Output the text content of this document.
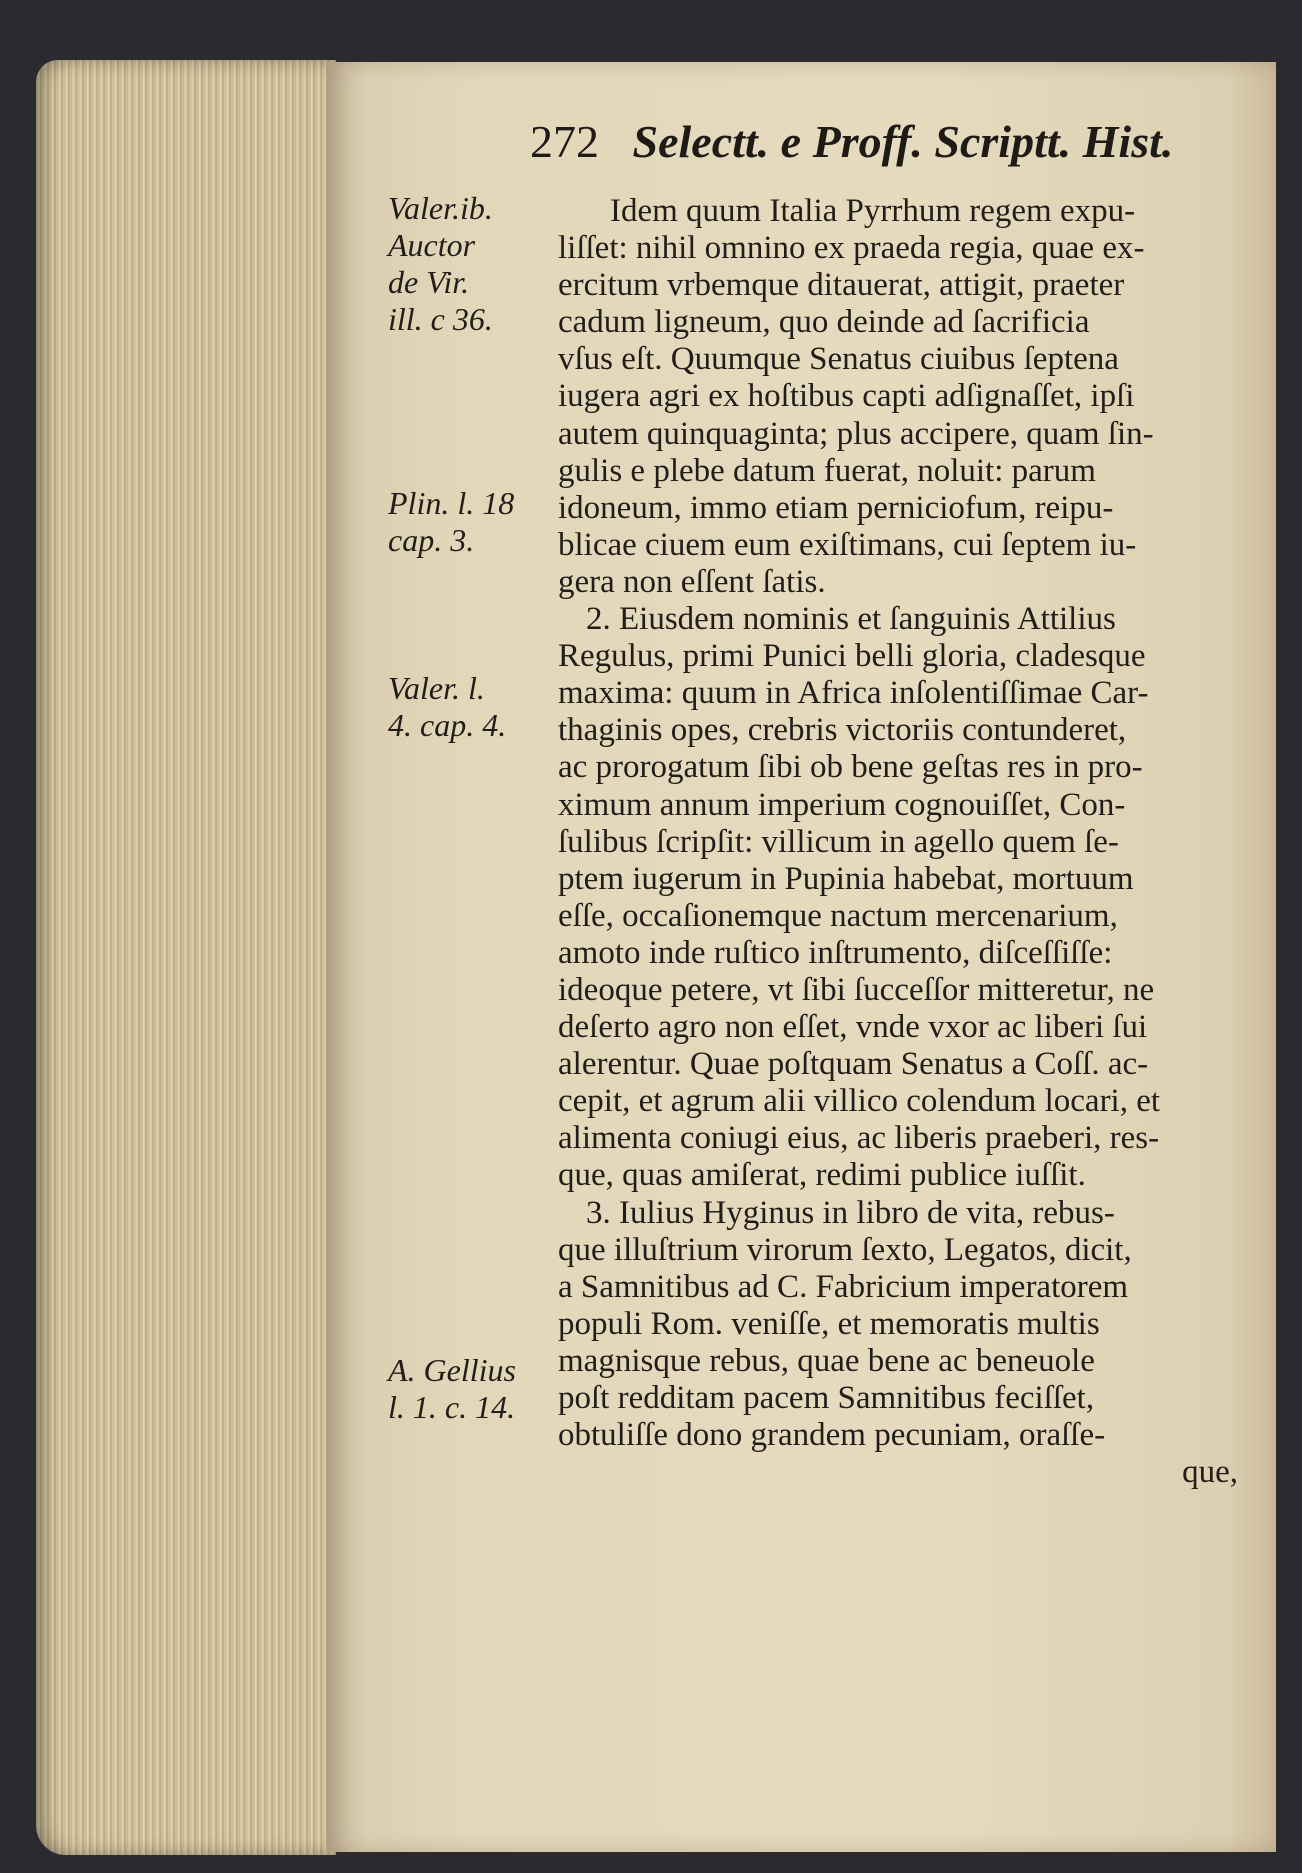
272 Selectt. e Proff. Scriptt. Hist.
Valer.ib.
Auctor
de Vir.
ill. c 36.
Plin. l. 18
cap. 3.
Valer. l.
4. cap. 4.
A. Gellius
l. 1. c. 14.
Idem quum Italia Pyrrhum regem expu-
liſſet: nihil omnino ex praeda regia, quae ex-
ercitum vrbemque ditauerat, attigit, praeter
cadum ligneum, quo deinde ad ſacrificia
vſus eſt. Quumque Senatus ciuibus ſeptena
iugera agri ex hoſtibus capti adſignaſſet, ipſi
autem quinquaginta; plus accipere, quam ſin-
gulis e plebe datum fuerat, noluit: parum
idoneum, immo etiam perniciofum, reipu-
blicae ciuem eum exiſtimans, cui ſeptem iu-
gera non eſſent ſatis.
2. Eiusdem nominis et ſanguinis Attilius
Regulus, primi Punici belli gloria, cladesque
maxima: quum in Africa inſolentiſſimae Car-
thaginis opes, crebris victoriis contunderet,
ac prorogatum ſibi ob bene geſtas res in pro-
ximum annum imperium cognouiſſet, Con-
ſulibus ſcripſit: villicum in agello quem ſe-
ptem iugerum in Pupinia habebat, mortuum
eſſe, occaſionemque nactum mercenarium,
amoto inde ruſtico inſtrumento, diſceſſiſſe:
ideoque petere, vt ſibi ſucceſſor mitteretur, ne
deſerto agro non eſſet, vnde vxor ac liberi ſui
alerentur. Quae poſtquam Senatus a Coſſ. ac-
cepit, et agrum alii villico colendum locari, et
alimenta coniugi eius, ac liberis praeberi, res-
que, quas amiſerat, redimi publice iuſſit.
3. Iulius Hyginus in libro de vita, rebus-
que illuſtrium virorum ſexto, Legatos, dicit,
a Samnitibus ad C. Fabricium imperatorem
populi Rom. veniſſe, et memoratis multis
magnisque rebus, quae bene ac beneuole
poſt redditam pacem Samnitibus feciſſet,
obtuliſſe dono grandem pecuniam, oraſſe-
que,
